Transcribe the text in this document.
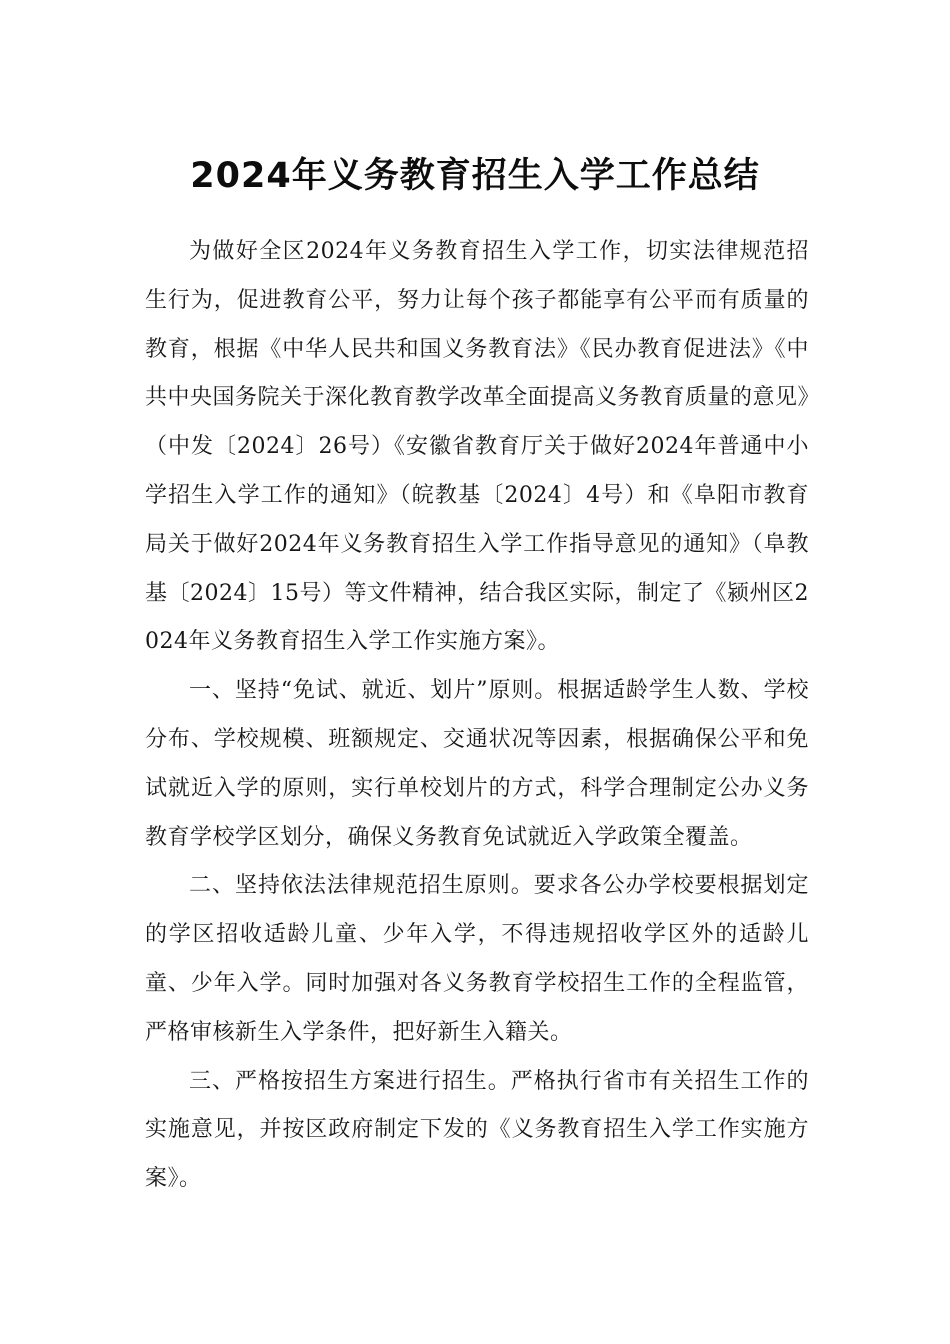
2024年义务教育招生入学工作总结

为做好全区2024年义务教育招生入学工作，切实法律规范招生行为，促进教育公平，努力让每个孩子都能享有公平而有质量的教育，根据《中华人民共和国义务教育法》《民办教育促进法》《中共中央国务院关于深化教育教学改革全面提高义务教育质量的意见》（中发〔2024〕26号）《安徽省教育厅关于做好2024年普通中小学招生入学工作的通知》（皖教基〔2024〕4号）和《阜阳市教育局关于做好2024年义务教育招生入学工作指导意见的通知》（阜教基〔2024〕15号）等文件精神，结合我区实际，制定了《颍州区2024年义务教育招生入学工作实施方案》。

一、坚持“免试、就近、划片”原则。根据适龄学生人数、学校分布、学校规模、班额规定、交通状况等因素，根据确保公平和免试就近入学的原则，实行单校划片的方式，科学合理制定公办义务教育学校学区划分，确保义务教育免试就近入学政策全覆盖。

二、坚持依法法律规范招生原则。要求各公办学校要根据划定的学区招收适龄儿童、少年入学，不得违规招收学区外的适龄儿童、少年入学。同时加强对各义务教育学校招生工作的全程监管，严格审核新生入学条件，把好新生入籍关。

三、严格按招生方案进行招生。严格执行省市有关招生工作的实施意见，并按区政府制定下发的《义务教育招生入学工作实施方案》。
